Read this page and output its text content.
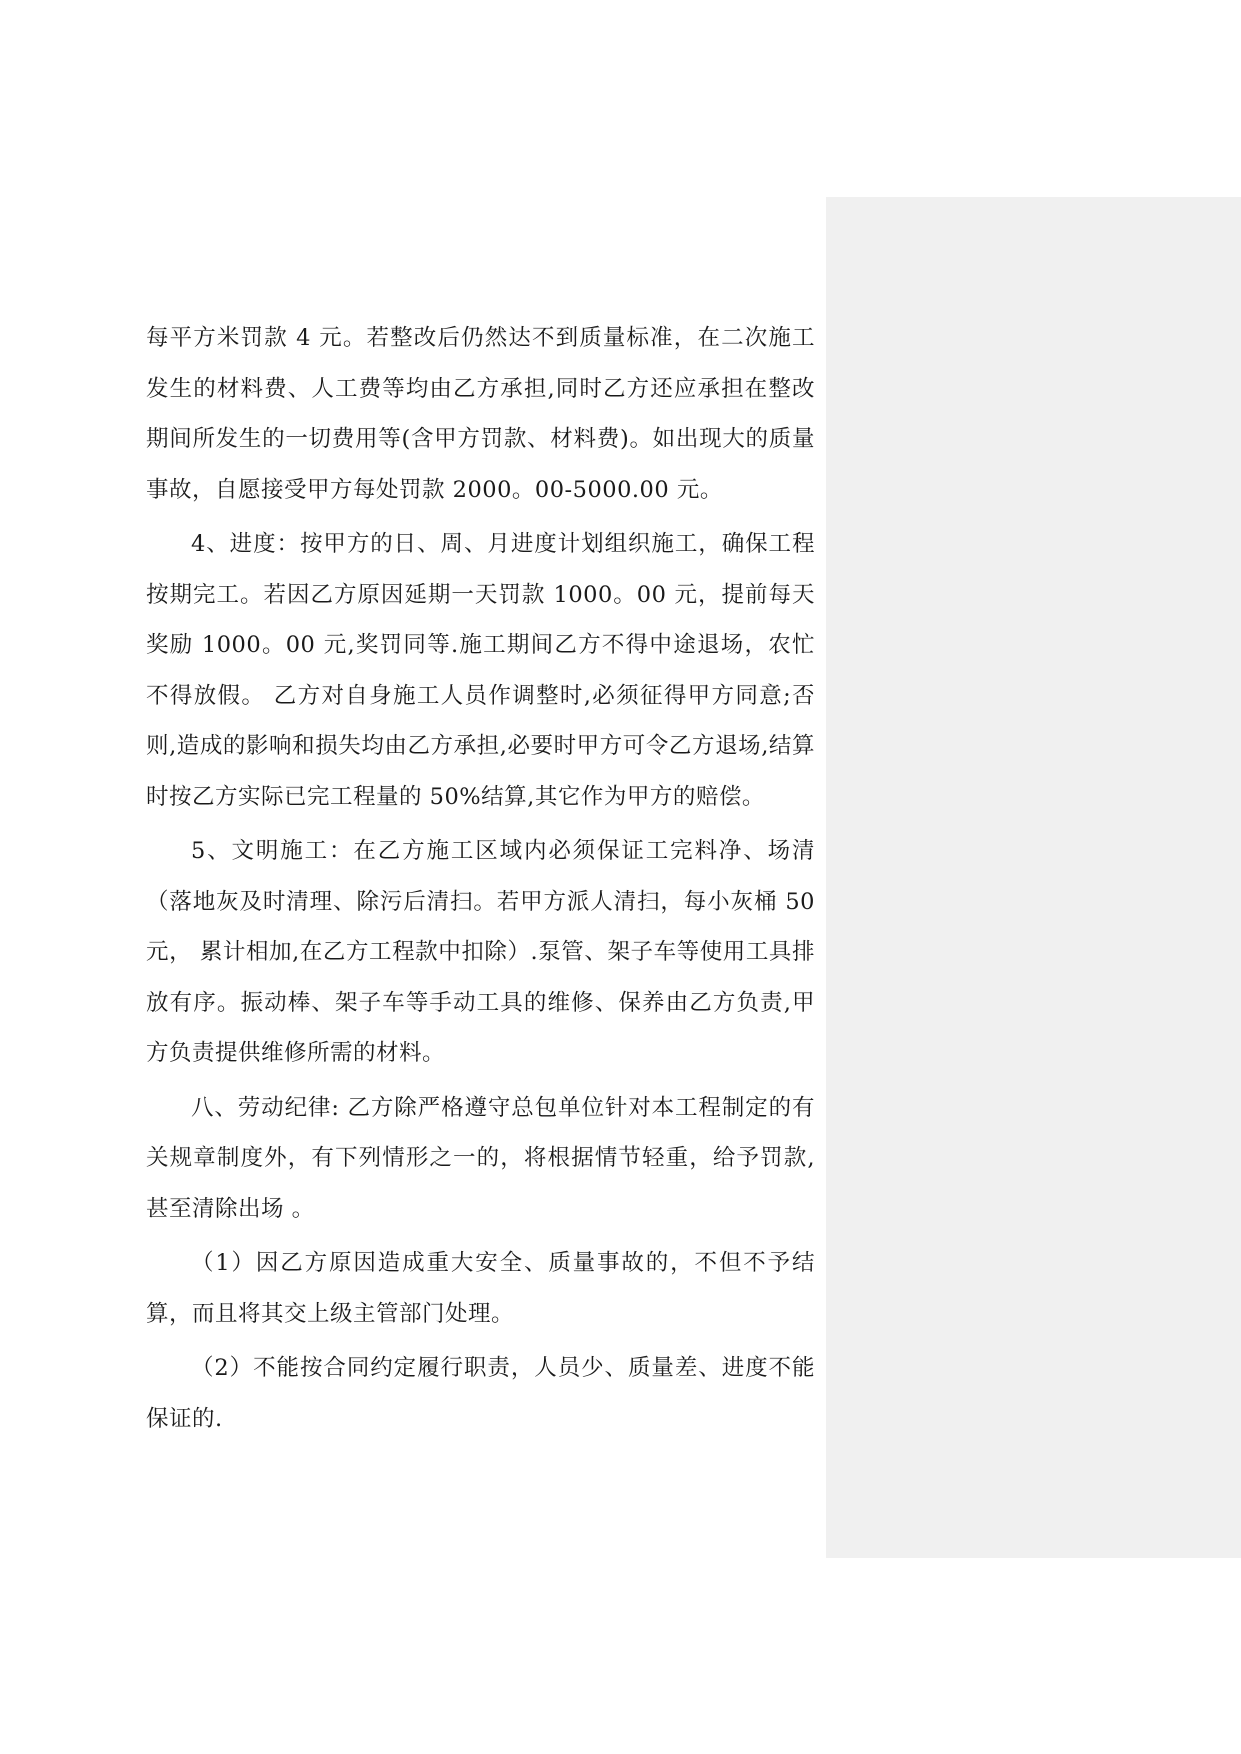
每平方米罚款 4 元。若整改后仍然达不到质量标准，在二次施工发生的材料费、人工费等均由乙方承担,同时乙方还应承担在整改期间所发生的一切费用等(含甲方罚款、材料费)。如出现大的质量事故，自愿接受甲方每处罚款 2000。00-5000.00 元。

4、进度：按甲方的日、周、月进度计划组织施工，确保工程按期完工。若因乙方原因延期一天罚款 1000。00 元，提前每天奖励 1000。00 元,奖罚同等.施工期间乙方不得中途退场，农忙不得放假。 乙方对自身施工人员作调整时,必须征得甲方同意;否则,造成的影响和损失均由乙方承担,必要时甲方可令乙方退场,结算时按乙方实际已完工程量的 50%结算,其它作为甲方的赔偿。

5、文明施工：在乙方施工区域内必须保证工完料净、场清（落地灰及时清理、除污后清扫。若甲方派人清扫，每小灰桶 50 元， 累计相加,在乙方工程款中扣除）.泵管、架子车等使用工具排放有序。振动棒、架子车等手动工具的维修、保养由乙方负责,甲方负责提供维修所需的材料。

八、劳动纪律: 乙方除严格遵守总包单位针对本工程制定的有关规章制度外，有下列情形之一的，将根据情节轻重，给予罚款,甚至清除出场 。

（1）因乙方原因造成重大安全、质量事故的，不但不予结算，而且将其交上级主管部门处理。

（2）不能按合同约定履行职责，人员少、质量差、进度不能保证的.
